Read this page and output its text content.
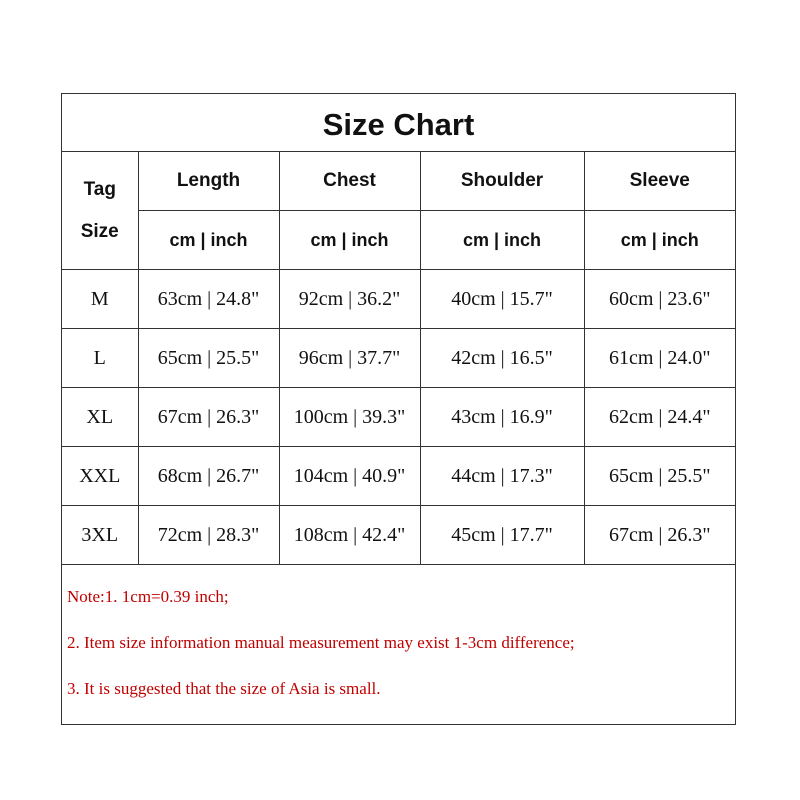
Size Chart
Tag
Size	Length	Chest	Shoulder	Sleeve
	cm | inch	cm | inch	cm | inch	cm | inch
M	63cm | 24.8"	92cm | 36.2"	40cm | 15.7"	60cm | 23.6"
L	65cm | 25.5"	96cm | 37.7"	42cm | 16.5"	61cm | 24.0"
XL	67cm | 26.3"	100cm | 39.3"	43cm | 16.9"	62cm | 24.4"
XXL	68cm | 26.7"	104cm | 40.9"	44cm | 17.3"	65cm | 25.5"
3XL	72cm | 28.3"	108cm | 42.4"	45cm | 17.7"	67cm | 26.3"
Note:1. 1cm=0.39 inch;
2. Item size information manual measurement may exist 1-3cm difference;
3. It is suggested that the size of Asia is small.
